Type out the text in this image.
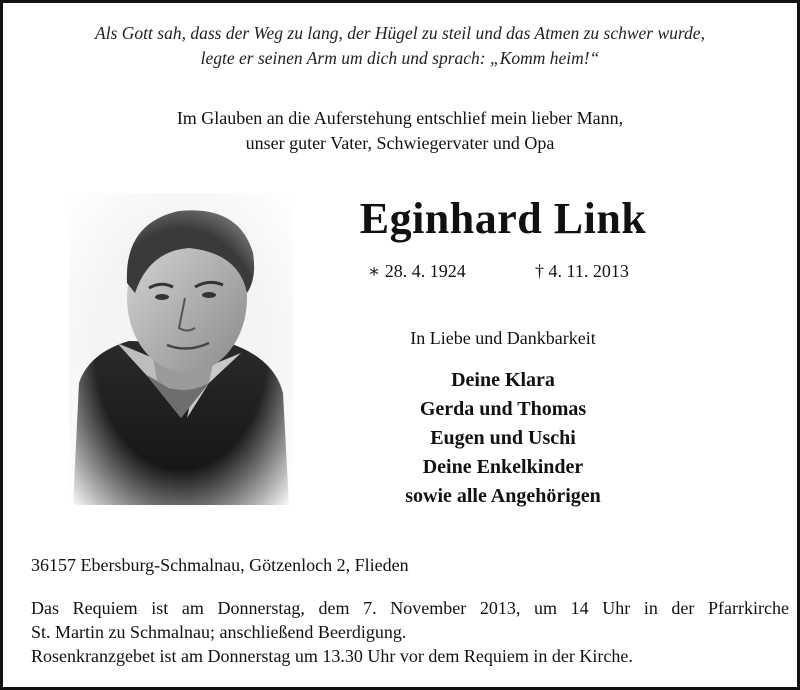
Als Gott sah, dass der Weg zu lang, der Hügel zu steil und das Atmen zu schwer wurde,
legte er seinen Arm um dich und sprach: „Komm heim!“
Im Glauben an die Auferstehung entschlief mein lieber Mann,
unser guter Vater, Schwiegervater und Opa
Eginhard Link
∗ 28. 4. 1924	† 4. 11. 2013
In Liebe und Dankbarkeit
Deine Klara
Gerda und Thomas
Eugen und Uschi
Deine Enkelkinder
sowie alle Angehörigen
36157 Ebersburg-Schmalnau, Götzenloch 2, Flieden

Das Requiem ist am Donnerstag, dem 7. November 2013, um 14 Uhr in der Pfarrkirche

St. Martin zu Schmalnau; anschließend Beerdigung.

Rosenkranzgebet ist am Donnerstag um 13.30 Uhr vor dem Requiem in der Kirche.
